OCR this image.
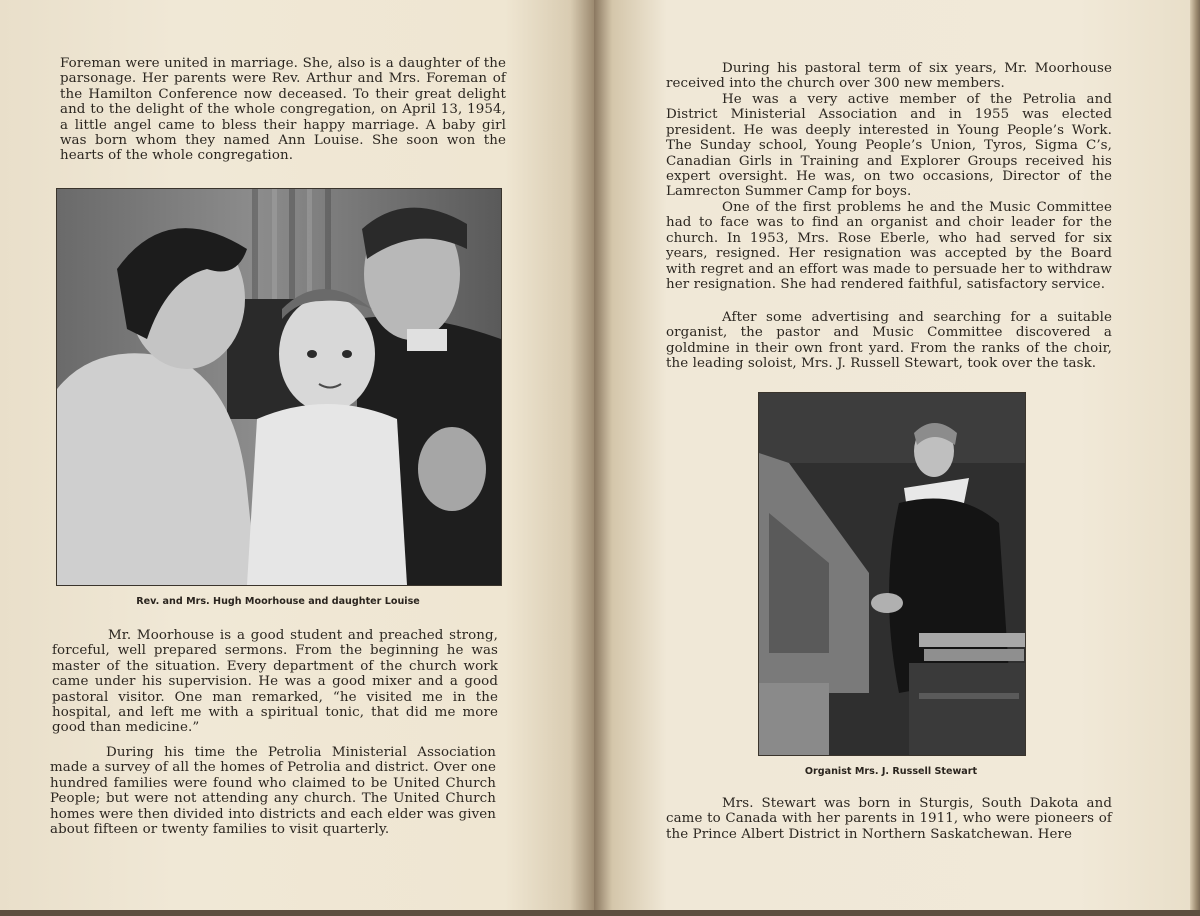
Foreman were united in marriage. She, also is a daughter of the parsonage. Her parents were Rev. Arthur and Mrs. Foreman of the Hamilton Conference now deceased. To their great delight and to the delight of the whole congregation, on April 13, 1954, a little angel came to bless their happy marriage. A baby girl was born whom they named Ann Louise. She soon won the hearts of the whole congregation.

Rev. and Mrs. Hugh Moorhouse and daughter Louise

Mr. Moorhouse is a good student and preached strong, forceful, well prepared sermons. From the beginning he was master of the situation. Every department of the church work came under his supervision. He was a good mixer and a good pastoral visitor. One man remarked, “he visited me in the hospital, and left me with a spiritual tonic, that did me more good than medicine.”

During his time the Petrolia Ministerial Association made a survey of all the homes of Petrolia and district. Over one hundred families were found who claimed to be United Church People; but were not attending any church. The United Church homes were then divided into districts and each elder was given about fifteen or twenty families to visit quarterly.

During his pastoral term of six years, Mr. Moorhouse received into the church over 300 new members.

He was a very active member of the Petrolia and District Ministerial Association and in 1955 was elected president. He was deeply interested in Young People’s Work. The Sunday school, Young People’s Union, Tyros, Sigma C’s, Canadian Girls in Training and Explorer Groups received his expert oversight. He was, on two occasions, Director of the Lamrecton Summer Camp for boys.

One of the first problems he and the Music Committee had to face was to find an organist and choir leader for the church. In 1953, Mrs. Rose Eberle, who had served for six years, resigned. Her resignation was accepted by the Board with regret and an effort was made to persuade her to withdraw her resignation. She had rendered faithful, satisfactory service.

After some advertising and searching for a suitable organist, the pastor and Music Committee discovered a goldmine in their own front yard. From the ranks of the choir, the leading soloist, Mrs. J. Russell Stewart, took over the task.

Organist Mrs. J. Russell Stewart

Mrs. Stewart was born in Sturgis, South Dakota and came to Canada with her parents in 1911, who were pioneers of the Prince Albert District in Northern Saskatchewan. Here
